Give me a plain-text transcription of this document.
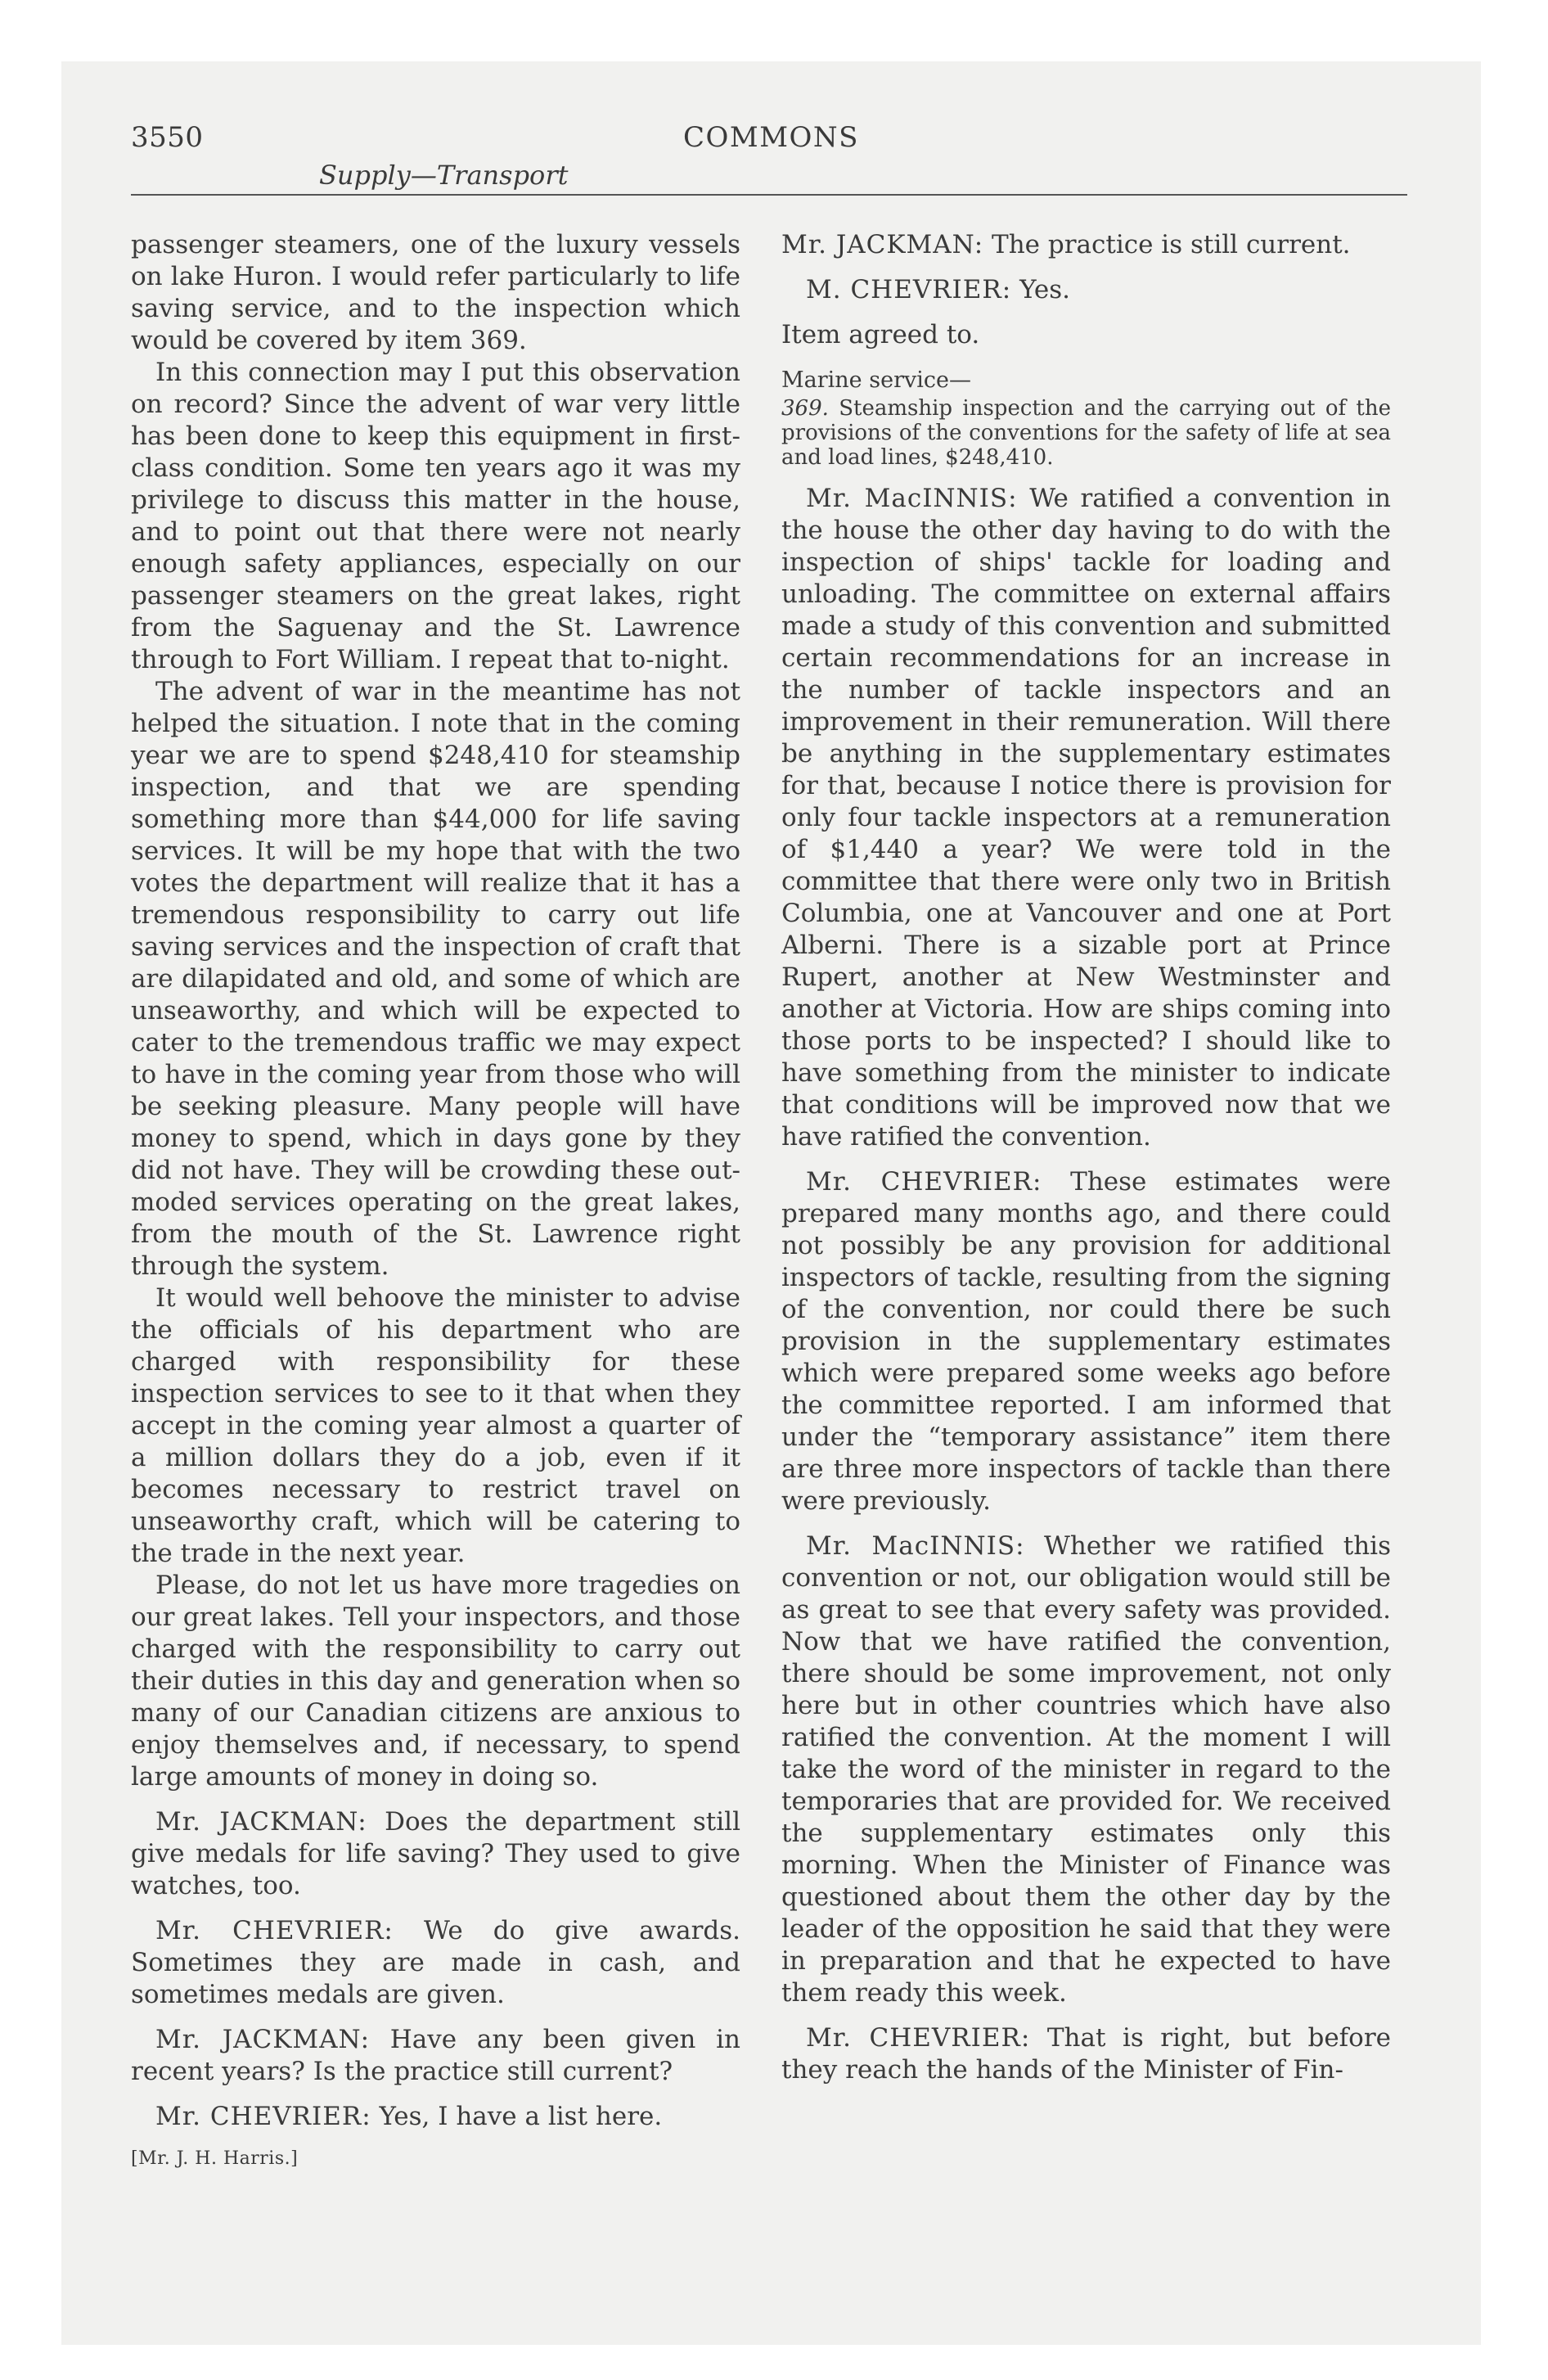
3550	COMMONS
Supply—Transport

passenger steamers, one of the luxury vessels on lake Huron. I would refer particularly to life saving service, and to the inspection which would be covered by item 369.

In this connection may I put this observation on record? Since the advent of war very little has been done to keep this equipment in first-class condition. Some ten years ago it was my privilege to discuss this matter in the house, and to point out that there were not nearly enough safety appliances, especially on our passenger steamers on the great lakes, right from the Saguenay and the St. Lawrence through to Fort William. I repeat that to-night.

The advent of war in the meantime has not helped the situation. I note that in the coming year we are to spend $248,410 for steamship inspection, and that we are spending something more than $44,000 for life saving services. It will be my hope that with the two votes the department will realize that it has a tremendous responsibility to carry out life saving services and the inspection of craft that are dilapidated and old, and some of which are unseaworthy, and which will be expected to cater to the tremendous traffic we may expect to have in the coming year from those who will be seeking pleasure. Many people will have money to spend, which in days gone by they did not have. They will be crowding these out-moded services operating on the great lakes, from the mouth of the St. Lawrence right through the system.

It would well behoove the minister to advise the officials of his department who are charged with responsibility for these inspection services to see to it that when they accept in the coming year almost a quarter of a million dollars they do a job, even if it becomes necessary to restrict travel on unseaworthy craft, which will be catering to the trade in the next year.

Please, do not let us have more tragedies on our great lakes. Tell your inspectors, and those charged with the responsibility to carry out their duties in this day and generation when so many of our Canadian citizens are anxious to enjoy themselves and, if necessary, to spend large amounts of money in doing so.

Mr. JACKMAN: Does the department still give medals for life saving? They used to give watches, too.

Mr. CHEVRIER: We do give awards. Sometimes they are made in cash, and sometimes medals are given.

Mr. JACKMAN: Have any been given in recent years? Is the practice still current?

Mr. CHEVRIER: Yes, I have a list here.

[Mr. J. H. Harris.]

Mr. JACKMAN: The practice is still current.

M. CHEVRIER: Yes.

Item agreed to.

Marine service—

369. Steamship inspection and the carrying out of the provisions of the conventions for the safety of life at sea and load lines, $248,410.

Mr. MacINNIS: We ratified a convention in the house the other day having to do with the inspection of ships' tackle for loading and unloading. The committee on external affairs made a study of this convention and submitted certain recommendations for an increase in the number of tackle inspectors and an improvement in their remuneration. Will there be anything in the supplementary estimates for that, because I notice there is provision for only four tackle inspectors at a remuneration of $1,440 a year? We were told in the committee that there were only two in British Columbia, one at Vancouver and one at Port Alberni. There is a sizable port at Prince Rupert, another at New Westminster and another at Victoria. How are ships coming into those ports to be inspected? I should like to have something from the minister to indicate that conditions will be improved now that we have ratified the convention.

Mr. CHEVRIER: These estimates were prepared many months ago, and there could not possibly be any provision for additional inspectors of tackle, resulting from the signing of the convention, nor could there be such provision in the supplementary estimates which were prepared some weeks ago before the committee reported. I am informed that under the “temporary assistance” item there are three more inspectors of tackle than there were previously.

Mr. MacINNIS: Whether we ratified this convention or not, our obligation would still be as great to see that every safety was provided. Now that we have ratified the convention, there should be some improvement, not only here but in other countries which have also ratified the convention. At the moment I will take the word of the minister in regard to the temporaries that are provided for. We received the supplementary estimates only this morning. When the Minister of Finance was questioned about them the other day by the leader of the opposition he said that they were in preparation and that he expected to have them ready this week.

Mr. CHEVRIER: That is right, but before they reach the hands of the Minister of Fin-
